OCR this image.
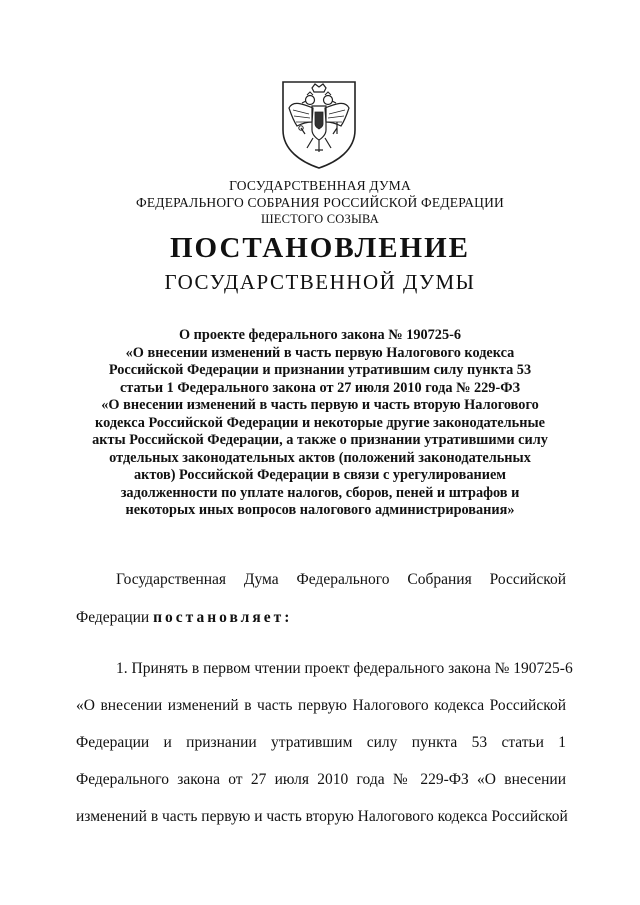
ГОСУДАРСТВЕННАЯ ДУМА
ФЕДЕРАЛЬНОГО СОБРАНИЯ РОССИЙСКОЙ ФЕДЕРАЦИИ
ШЕСТОГО СОЗЫВА
ПОСТАНОВЛЕНИЕ
ГОСУДАРСТВЕННОЙ ДУМЫ
О проекте федерального закона № 190725-6
«О внесении изменений в часть первую Налогового кодекса
Российской Федерации и признании утратившим силу пункта 53
статьи 1 Федерального закона от 27 июля 2010 года № 229-ФЗ
«О внесении изменений в часть первую и часть вторую Налогового
кодекса Российской Федерации и некоторые другие законодательные
акты Российской Федерации, а также о признании утратившими силу
отдельных законодательных актов (положений законодательных
актов) Российской Федерации в связи с урегулированием
задолженности по уплате налогов, сборов, пеней и штрафов и
некоторых иных вопросов налогового администрирования»
Государственная Дума Федерального Собрания Российской
Федерации постановляет:
1. Принять в первом чтении проект федерального закона № 190725-6
«О внесении изменений в часть первую Налогового кодекса Российской
Федерации и признании утратившим силу пункта 53 статьи 1
Федерального закона от 27 июля 2010 года № 229-ФЗ «О внесении
изменений в часть первую и часть вторую Налогового кодекса Российской
